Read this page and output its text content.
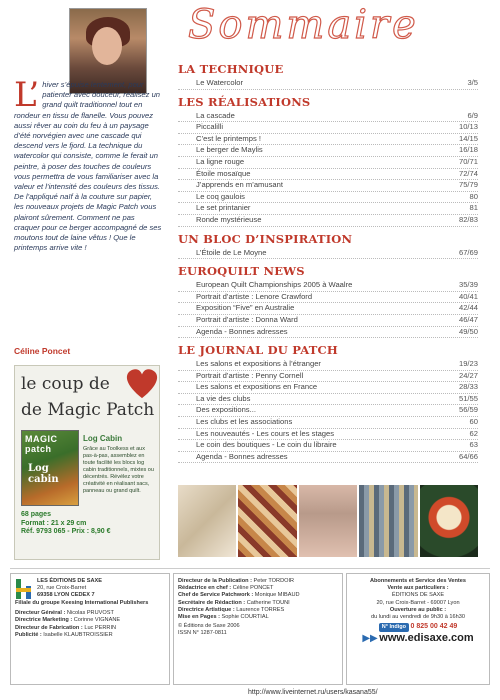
L’ hiver s’épuise lentement, pour patienter avec douceur, réalisez un grand quilt traditionnel tout en rondeur en tissu de flanelle. Vous pouvez aussi rêver au coin du feu à un paysage d’été norvégien avec une cascade qui descend vers le fjord. La technique du watercolor qui consiste, comme le ferait un peintre, à poser des touches de couleurs vous permettra de vous familiariser avec la valeur et l’intensité des couleurs des tissus. De l’appliqué naïf à la couture sur papier, les nouveaux projets de Magic Patch vous plairont sûrement. Comment ne pas craquer pour ce berger accompagné de ses moutons tout de laine vêtus ! Que le printemps arrive vite !
Céline Poncet
le coup de
de Magic Patch
MAGIC patch
Log cabin
Log Cabin
Grâce au Toolkess et aux pas-à-pas, assemblez en toute facilité les blocs log cabin traditionnels, mixtes ou décentrés. Révélez votre créativité en réalisant sacs, panneau ou grand quilt.
68 pages
Format : 21 x 29 cm
Réf. 9793 065 - Prix : 8,90 €
Sommaire
LA TECHNIQUE
Le Watercolor	3/5
LES RÉALISATIONS
La cascade	6/9
Piccalilli	10/13
C’est le printemps !	14/15
Le berger de Maylis	16/18
La ligne rouge	70/71
Étoile mosaïque	72/74
J’apprends en m’amusant	75/79
Le coq gaulois	80
Le set printanier	81
Ronde mystérieuse	82/83
UN BLOC D’INSPIRATION
L’Étoile de Le Moyne	67/69
EUROQUILT NEWS
European Quilt Championships 2005 à Waalre	35/39
Portrait d’artiste : Lenore Crawford	40/41
Exposition “Five” en Australie	42/44
Portrait d’artiste : Donna Ward	46/47
Agenda - Bonnes adresses	49/50
LE JOURNAL DU PATCH
Les salons et expositions à l’étranger	19/23
Portrait d’artiste : Penny Cornell	24/27
Les salons et expositions en France	28/33
La vie des clubs	51/55
Des expositions...	56/59
Les clubs et les associations	60
Les nouveautés - Les cours et les stages	62
Le coin des boutiques - Le coin du libraire	63
Agenda - Bonnes adresses	64/66
LES ÉDITIONS DE SAXE
20, rue Croix-Barret
69358 LYON CEDEX 7
Filiale du groupe Keesing International Publishers
Directeur Général : Nicolas PRUVOST
Directrice Marketing : Corinne VIGNANE
Directeur de Fabrication : Luc PERRIN
Publicité : Isabelle KLAUBTROISSIER
Directeur de la Publication : Peter TORDOIR
Rédactrice en chef : Céline PONCET
Chef de Service Patchwork : Monique MIBAUD
Secrétaire de Rédaction : Catherine TOUNI
Directrice Artistique : Laurence TORRES
Mise en Pages : Sophie COURTIAL
© Éditions de Saxe 2006
ISSN N° 1287-0811
Abonnements et Service des Ventes
Vente aux particuliers :
ÉDITIONS DE SAXE
20, rue Croix-Barret - 69007 Lyon
Ouverture au public :
du lundi au vendredi de 9h30 à 16h30
N° Indigo 0 825 00 42 49
▶▶ www.edisaxe.com
http://www.liveinternet.ru/users/kasana55/
